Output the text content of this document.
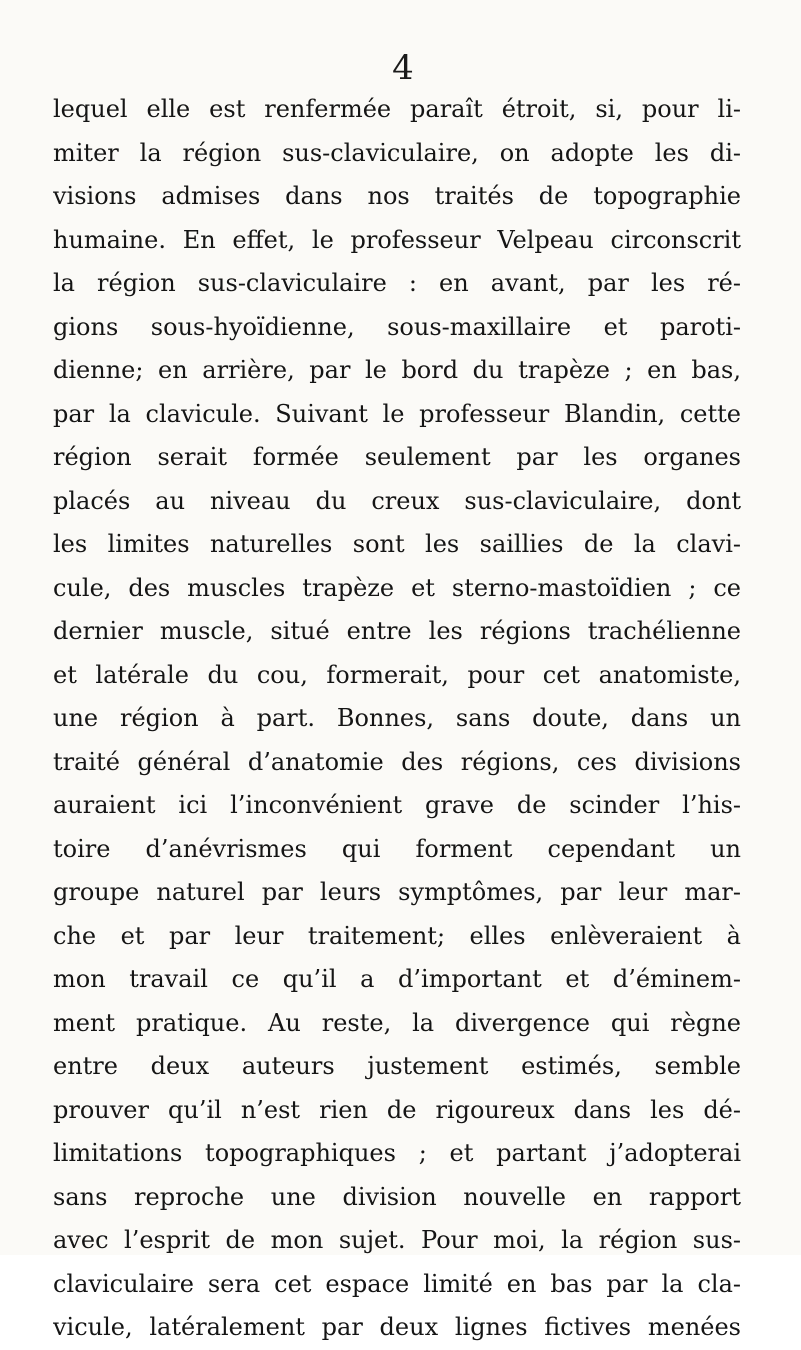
4
lequel elle est renfermée paraît étroit, si, pour li-
miter la région sus-claviculaire, on adopte les di-
visions admises dans nos traités de topographie
humaine. En effet, le professeur Velpeau circonscrit
la région sus-claviculaire : en avant, par les ré-
gions sous-hyoïdienne, sous-maxillaire et paroti-
dienne; en arrière, par le bord du trapèze ; en bas,
par la clavicule. Suivant le professeur Blandin, cette
région serait formée seulement par les organes
placés au niveau du creux sus-claviculaire, dont
les limites naturelles sont les saillies de la clavi-
cule, des muscles trapèze et sterno-mastoïdien ; ce
dernier muscle, situé entre les régions trachélienne
et latérale du cou, formerait, pour cet anatomiste,
une région à part. Bonnes, sans doute, dans un
traité général d’anatomie des régions, ces divisions
auraient ici l’inconvénient grave de scinder l’his-
toire d’anévrismes qui forment cependant un
groupe naturel par leurs symptômes, par leur mar-
che et par leur traitement; elles enlèveraient à
mon travail ce qu’il a d’important et d’éminem-
ment pratique. Au reste, la divergence qui règne
entre deux auteurs justement estimés, semble
prouver qu’il n’est rien de rigoureux dans les dé-
limitations topographiques ; et partant j’adopterai
sans reproche une division nouvelle en rapport
avec l’esprit de mon sujet. Pour moi, la région sus-
claviculaire sera cet espace limité en bas par la cla-
vicule, latéralement par deux lignes fictives menées
